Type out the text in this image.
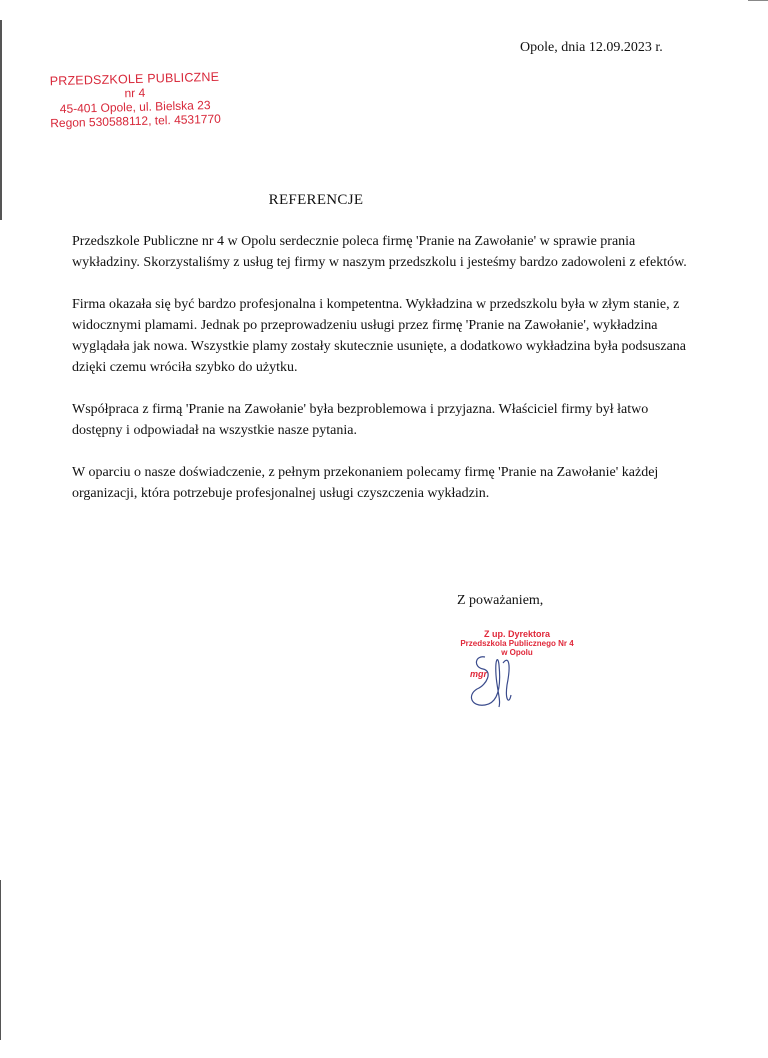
Opole, dnia 12.09.2023 r.
PRZEDSZKOLE PUBLICZNE
nr 4
45-401 Opole, ul. Bielska 23
Regon 530588112, tel. 4531770
REFERENCJE

Przedszkole Publiczne nr 4 w Opolu serdecznie poleca firmę 'Pranie na Zawołanie' w sprawie prania wykładziny. Skorzystaliśmy z usług tej firmy w naszym przedszkolu i jesteśmy bardzo zadowoleni z efektów.

Firma okazała się być bardzo profesjonalna i kompetentna. Wykładzina w przedszkolu była w złym stanie, z widocznymi plamami. Jednak po przeprowadzeniu usługi przez firmę 'Pranie na Zawołanie', wykładzina wyglądała jak nowa. Wszystkie plamy zostały skutecznie usunięte, a dodatkowo wykładzina była podsuszana dzięki czemu wróciła szybko do użytku.

Współpraca z firmą 'Pranie na Zawołanie' była bezproblemowa i przyjazna. Właściciel firmy był łatwo dostępny i odpowiadał na wszystkie nasze pytania.

W oparciu o nasze doświadczenie, z pełnym przekonaniem polecamy firmę 'Pranie na Zawołanie' każdej organizacji, która potrzebuje profesjonalnej usługi czyszczenia wykładzin.

Z poważaniem,
Z up. Dyrektora
Przedszkola Publicznego Nr 4
w Opolu
mgr
